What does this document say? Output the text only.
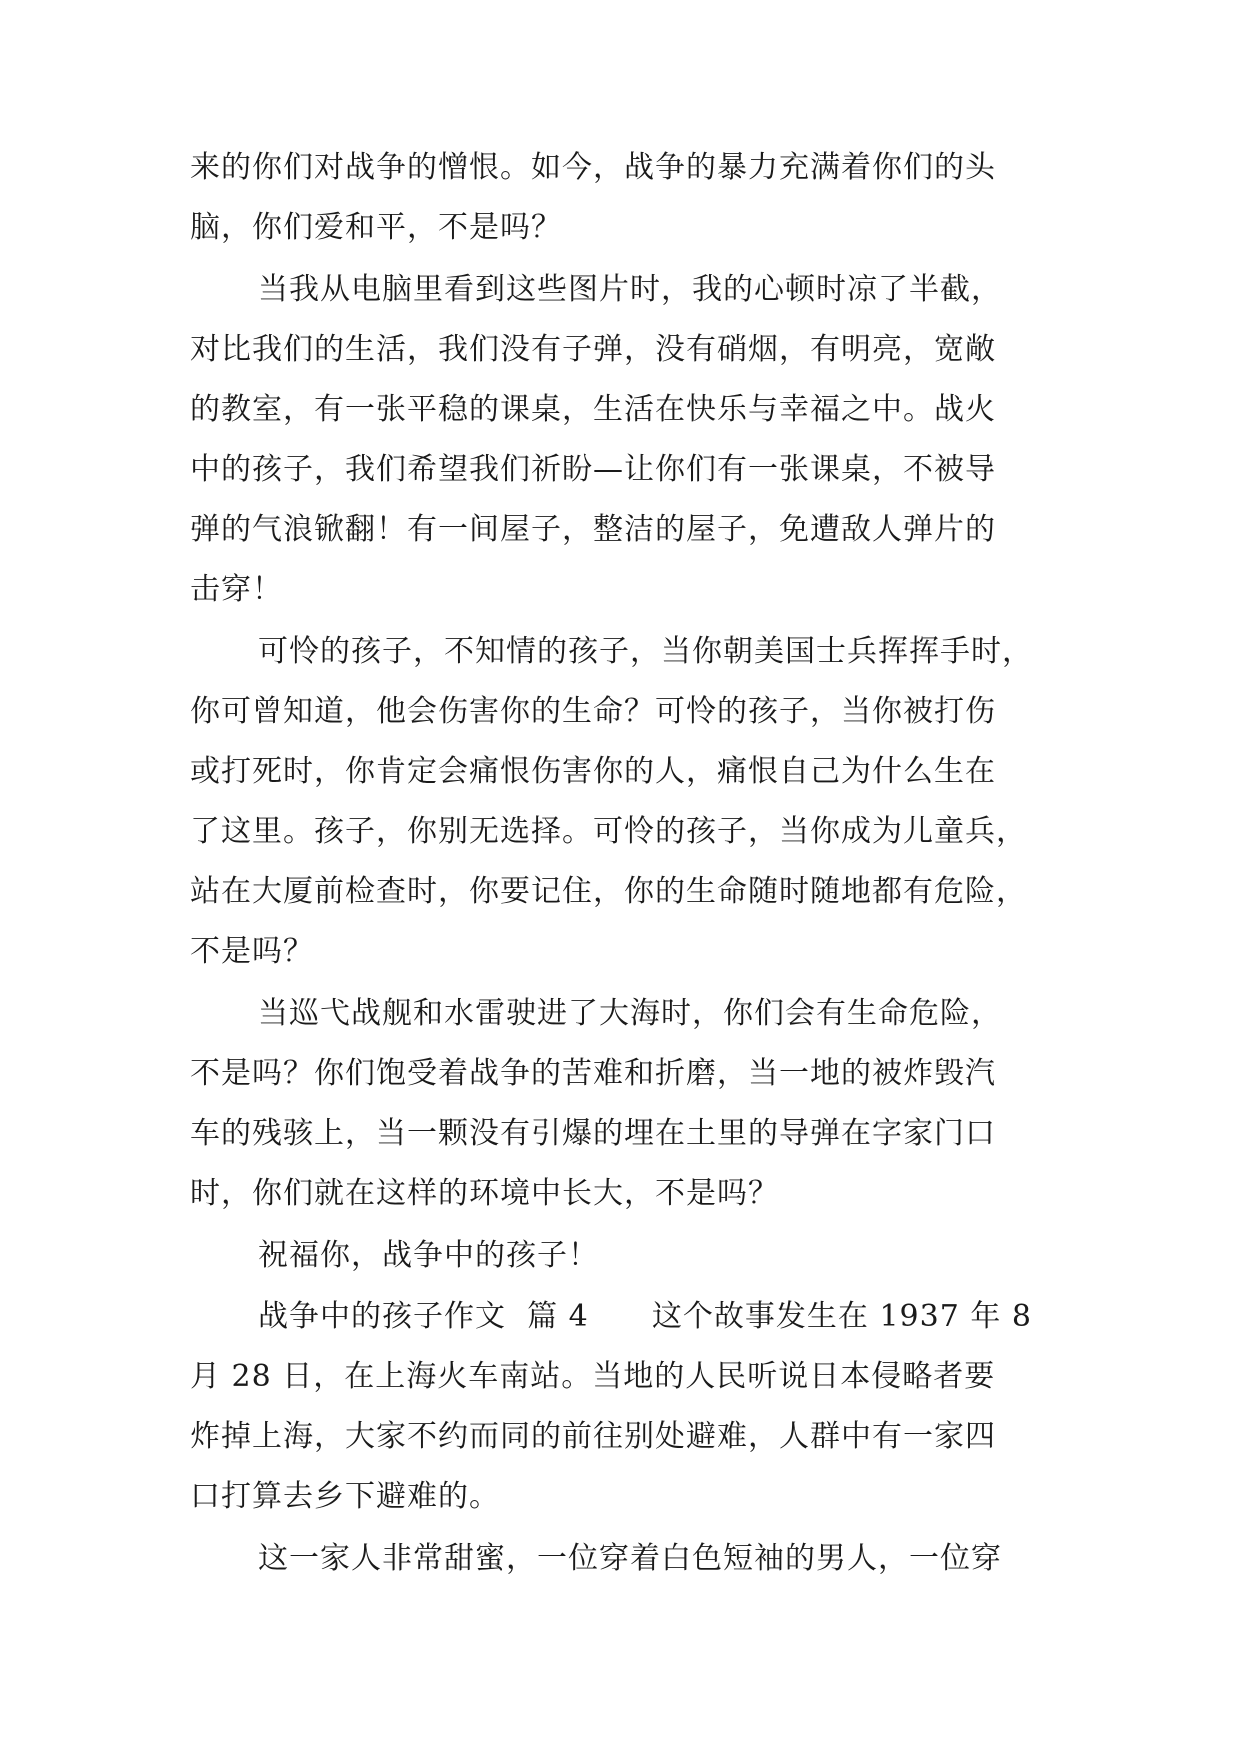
来的你们对战争的憎恨。如今，战争的暴力充满着你们的头

脑，你们爱和平，不是吗？

当我从电脑里看到这些图片时，我的心顿时凉了半截，

对比我们的生活，我们没有子弹，没有硝烟，有明亮，宽敞

的教室，有一张平稳的课桌，生活在快乐与幸福之中。战火

中的孩子，我们希望我们祈盼—让你们有一张课桌，不被导

弹的气浪锨翻！有一间屋子，整洁的屋子，免遭敌人弹片的

击穿！

可怜的孩子，不知情的孩子，当你朝美国士兵挥挥手时，

你可曾知道，他会伤害你的生命？可怜的孩子，当你被打伤

或打死时，你肯定会痛恨伤害你的人，痛恨自己为什么生在

了这里。孩子，你别无选择。可怜的孩子，当你成为儿童兵，

站在大厦前检查时，你要记住，你的生命随时随地都有危险，

不是吗？

当巡弋战舰和水雷驶进了大海时，你们会有生命危险，

不是吗？你们饱受着战争的苦难和折磨，当一地的被炸毁汽

车的残骇上，当一颗没有引爆的埋在土里的导弹在字家门口

时，你们就在这样的环境中长大，不是吗？

祝福你，战争中的孩子！

战争中的孩子作文  篇 4      这个故事发生在 1937 年 8

月 28 日，在上海火车南站。当地的人民听说日本侵略者要

炸掉上海，大家不约而同的前往别处避难，人群中有一家四

口打算去乡下避难的。

这一家人非常甜蜜，一位穿着白色短袖的男人，一位穿
